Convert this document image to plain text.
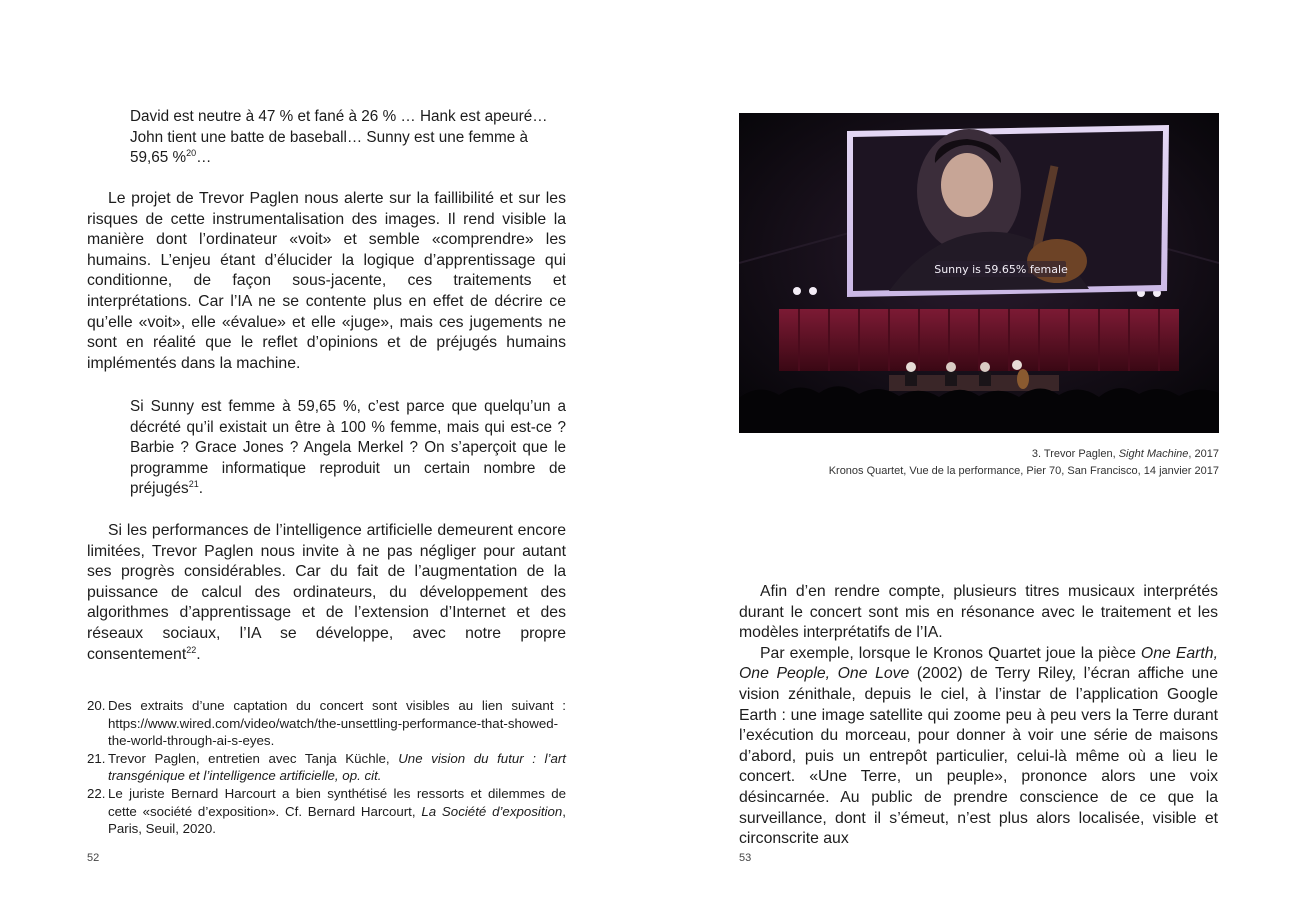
David est neutre à 47 % et fané à 26 % … Hank est apeuré…

John tient une batte de baseball… Sunny est une femme à

59,65 %$^{20}$…

Le projet de Trevor Paglen nous alerte sur la faillibilité et sur les risques de cette instrumentalisation des images. Il rend visible la manière dont l’ordinateur «voit» et semble «comprendre» les humains. L’enjeu étant d’élucider la logique d’apprentissage qui conditionne, de façon sous-jacente, ces traitements et interprétations. Car l’IA ne se contente plus en effet de décrire ce qu’elle «voit», elle «évalue» et elle «juge», mais ces jugements ne sont en réalité que le reflet d’opinions et de préjugés humains implémentés dans la machine.

Si Sunny est femme à 59,65 %, c’est parce que quelqu’un a décrété qu’il existait un être à 100 % femme, mais qui est-ce ? Barbie ? Grace Jones ? Angela Merkel ? On s’aperçoit que le programme informatique reproduit un certain nombre de préjugés$^{21}$.

Si les performances de l’intelligence artificielle demeurent encore limitées, Trevor Paglen nous invite à ne pas négliger pour autant ses progrès considérables. Car du fait de l’augmentation de la puissance de calcul des ordinateurs, du développement des algorithmes d’apprentissage et de l’extension d’Internet et des réseaux sociaux, l’IA se développe, avec notre propre consentement$^{22}$.

20. Des extraits d’une captation du concert sont visibles au lien suivant : https://www.wired.com/video/watch/the-unsettling-performance-that-showed-the-world-through-ai-s-eyes.
21. Trevor Paglen, entretien avec Tanja Küchle, Une vision du futur : l’art transgénique et l’intelligence artificielle, op. cit.
22. Le juriste Bernard Harcourt a bien synthétisé les ressorts et dilemmes de cette «société d’exposition». Cf. Bernard Harcourt, La Société d’exposition, Paris, Seuil, 2020.
52
Sunny is 59.65% female
3. Trevor Paglen, Sight Machine, 2017
Kronos Quartet, Vue de la performance, Pier 70, San Francisco, 14 janvier 2017

Afin d’en rendre compte, plusieurs titres musicaux interprétés durant le concert sont mis en résonance avec le traitement et les modèles interprétatifs de l’IA.

Par exemple, lorsque le Kronos Quartet joue la pièce One Earth, One People, One Love (2002) de Terry Riley, l’écran affiche une vision zénithale, depuis le ciel, à l’instar de l’application Google Earth : une image satellite qui zoome peu à peu vers la Terre durant l’exécution du morceau, pour donner à voir une série de maisons d’abord, puis un entrepôt particulier, celui-là même où a lieu le concert. «Une Terre, un peuple», prononce alors une voix désincarnée. Au public de prendre conscience de ce que la surveillance, dont il s’émeut, n’est plus alors localisée, visible et circonscrite aux

53
